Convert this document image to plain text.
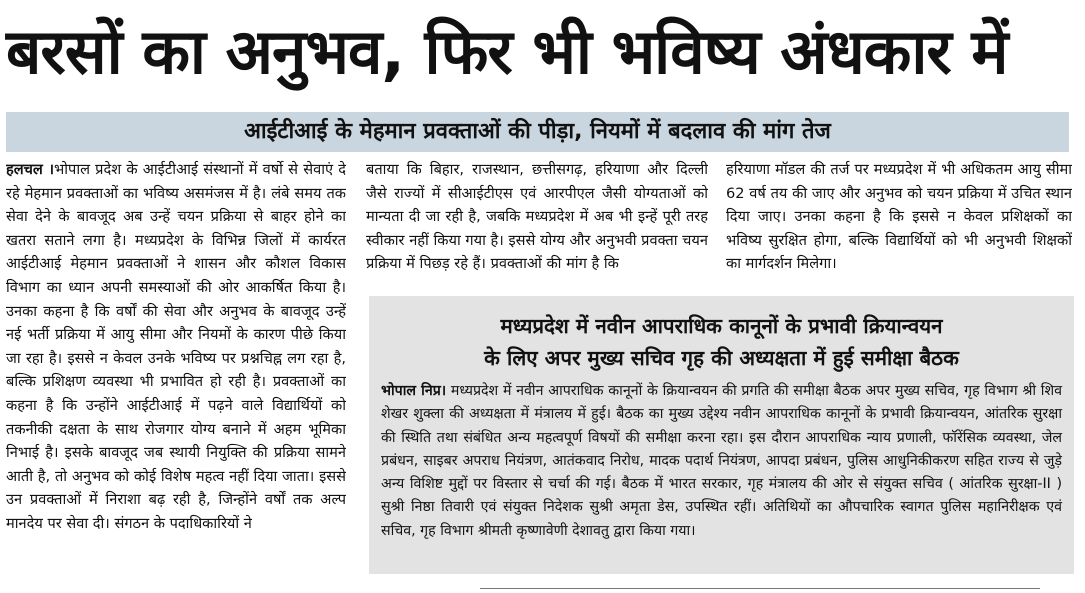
बरसों का अनुभव, फिर भी भविष्य अंधकार में
आईटीआई के मेहमान प्रवक्ताओं की पीड़ा, नियमों में बदलाव की मांग तेज
हलचल ।भोपाल प्रदेश के आईटीआई संस्थानों में वर्षो से सेवाएं दे रहे मेहमान प्रवक्ताओं का भविष्य असमंजस में है। लंबे समय तक सेवा देने के बावजूद अब उन्हें चयन प्रक्रिया से बाहर होने का खतरा सताने लगा है। मध्यप्रदेश के विभिन्न जिलों में कार्यरत आईटीआई मेहमान प्रवक्ताओं ने शासन और कौशल विकास विभाग का ध्यान अपनी समस्याओं की ओर आकर्षित किया है। उनका कहना है कि वर्षों की सेवा और अनुभव के बावजूद उन्हें नई भर्ती प्रक्रिया में आयु सीमा और नियमों के कारण पीछे किया जा रहा है। इससे न केवल उनके भविष्य पर प्रश्नचिह्न लग रहा है, बल्कि प्रशिक्षण व्यवस्था भी प्रभावित हो रही है। प्रवक्ताओं का कहना है कि उन्होंने आईटीआई में पढ़ने वाले विद्यार्थियों को तकनीकी दक्षता के साथ रोजगार योग्य बनाने में अहम भूमिका निभाई है। इसके बावजूद जब स्थायी नियुक्ति की प्रक्रिया सामने आती है, तो अनुभव को कोई विशेष महत्व नहीं दिया जाता। इससे उन प्रवक्ताओं में निराशा बढ़ रही है, जिन्होंने वर्षों तक अल्प मानदेय पर सेवा दी। संगठन के पदाधिकारियों ने
बताया कि बिहार, राजस्थान, छत्तीसगढ़, हरियाणा और दिल्ली जैसे राज्यों में सीआईटीएस एवं आरपीएल जैसी योग्यताओं को मान्यता दी जा रही है, जबकि मध्यप्रदेश में अब भी इन्हें पूरी तरह स्वीकार नहीं किया गया है। इससे योग्य और अनुभवी प्रवक्ता चयन प्रक्रिया में पिछड़ रहे हैं। प्रवक्ताओं की मांग है कि
हरियाणा मॉडल की तर्ज पर मध्यप्रदेश में भी अधिकतम आयु सीमा 62 वर्ष तय की जाए और अनुभव को चयन प्रक्रिया में उचित स्थान दिया जाए। उनका कहना है कि इससे न केवल प्रशिक्षकों का भविष्य सुरक्षित होगा, बल्कि विद्यार्थियों को भी अनुभवी शिक्षकों का मार्गदर्शन मिलेगा।
मध्यप्रदेश में नवीन आपराधिक कानूनों के प्रभावी क्रियान्वयन
के लिए अपर मुख्य सचिव गृह की अध्यक्षता में हुई समीक्षा बैठक
भोपाल निप्र। मध्यप्रदेश में नवीन आपराधिक कानूनों के क्रियान्वयन की प्रगति की समीक्षा बैठक अपर मुख्य सचिव, गृह विभाग श्री शिव शेखर शुक्ला की अध्यक्षता में मंत्रालय में हुई। बैठक का मुख्य उद्देश्य नवीन आपराधिक कानूनों के प्रभावी क्रियान्वयन, आंतरिक सुरक्षा की स्थिति तथा संबंधित अन्य महत्वपूर्ण विषयों की समीक्षा करना रहा। इस दौरान आपराधिक न्याय प्रणाली, फॉरेंसिक व्यवस्था, जेल प्रबंधन, साइबर अपराध नियंत्रण, आतंकवाद निरोध, मादक पदार्थ नियंत्रण, आपदा प्रबंधन, पुलिस आधुनिकीकरण सहित राज्य से जुड़े अन्य विशिष्ट मुद्दों पर विस्तार से चर्चा की गई। बैठक में भारत सरकार, गृह मंत्रालय की ओर से संयुक्त सचिव ( आंतरिक सुरक्षा-II ) सुश्री निष्ठा तिवारी एवं संयुक्त निदेशक सुश्री अमृता डेस, उपस्थित रहीं। अतिथियों का औपचारिक स्वागत पुलिस महानिरीक्षक एवं सचिव, गृह विभाग श्रीमती कृष्णावेणी देशावतु द्वारा किया गया।
